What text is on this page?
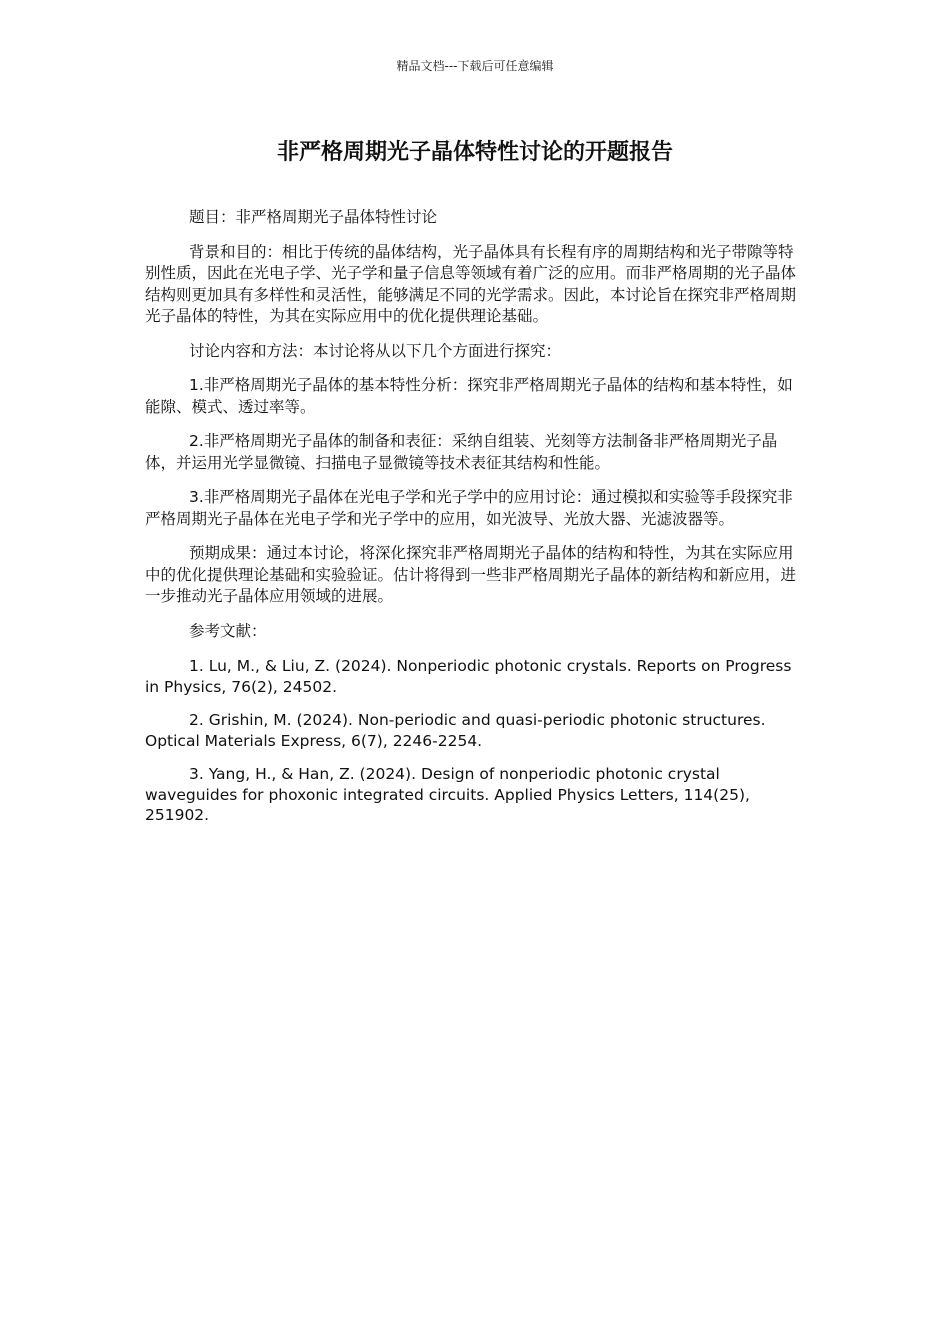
精品文档---下载后可任意编辑
非严格周期光子晶体特性讨论的开题报告

题目：非严格周期光子晶体特性讨论

背景和目的：相比于传统的晶体结构，光子晶体具有长程有序的周期结构和光子带隙等特别性质，因此在光电子学、光子学和量子信息等领域有着广泛的应用。而非严格周期的光子晶体结构则更加具有多样性和灵活性，能够满足不同的光学需求。因此，本讨论旨在探究非严格周期光子晶体的特性，为其在实际应用中的优化提供理论基础。

讨论内容和方法：本讨论将从以下几个方面进行探究：

1.非严格周期光子晶体的基本特性分析：探究非严格周期光子晶体的结构和基本特性，如能隙、模式、透过率等。

2.非严格周期光子晶体的制备和表征：采纳自组装、光刻等方法制备非严格周期光子晶体，并运用光学显微镜、扫描电子显微镜等技术表征其结构和性能。

3.非严格周期光子晶体在光电子学和光子学中的应用讨论：通过模拟和实验等手段探究非严格周期光子晶体在光电子学和光子学中的应用，如光波导、光放大器、光滤波器等。

预期成果：通过本讨论，将深化探究非严格周期光子晶体的结构和特性，为其在实际应用中的优化提供理论基础和实验验证。估计将得到一些非严格周期光子晶体的新结构和新应用，进一步推动光子晶体应用领域的进展。

参考文献：

1. Lu, M., & Liu, Z. (2024). Nonperiodic photonic crystals. Reports on Progress in Physics, 76(2), 24502.

2. Grishin, M. (2024). Non-periodic and quasi-periodic photonic structures. Optical Materials Express, 6(7), 2246-2254.

3. Yang, H., & Han, Z. (2024). Design of nonperiodic photonic crystal waveguides for phoxonic integrated circuits. Applied Physics Letters, 114(25), 251902.
